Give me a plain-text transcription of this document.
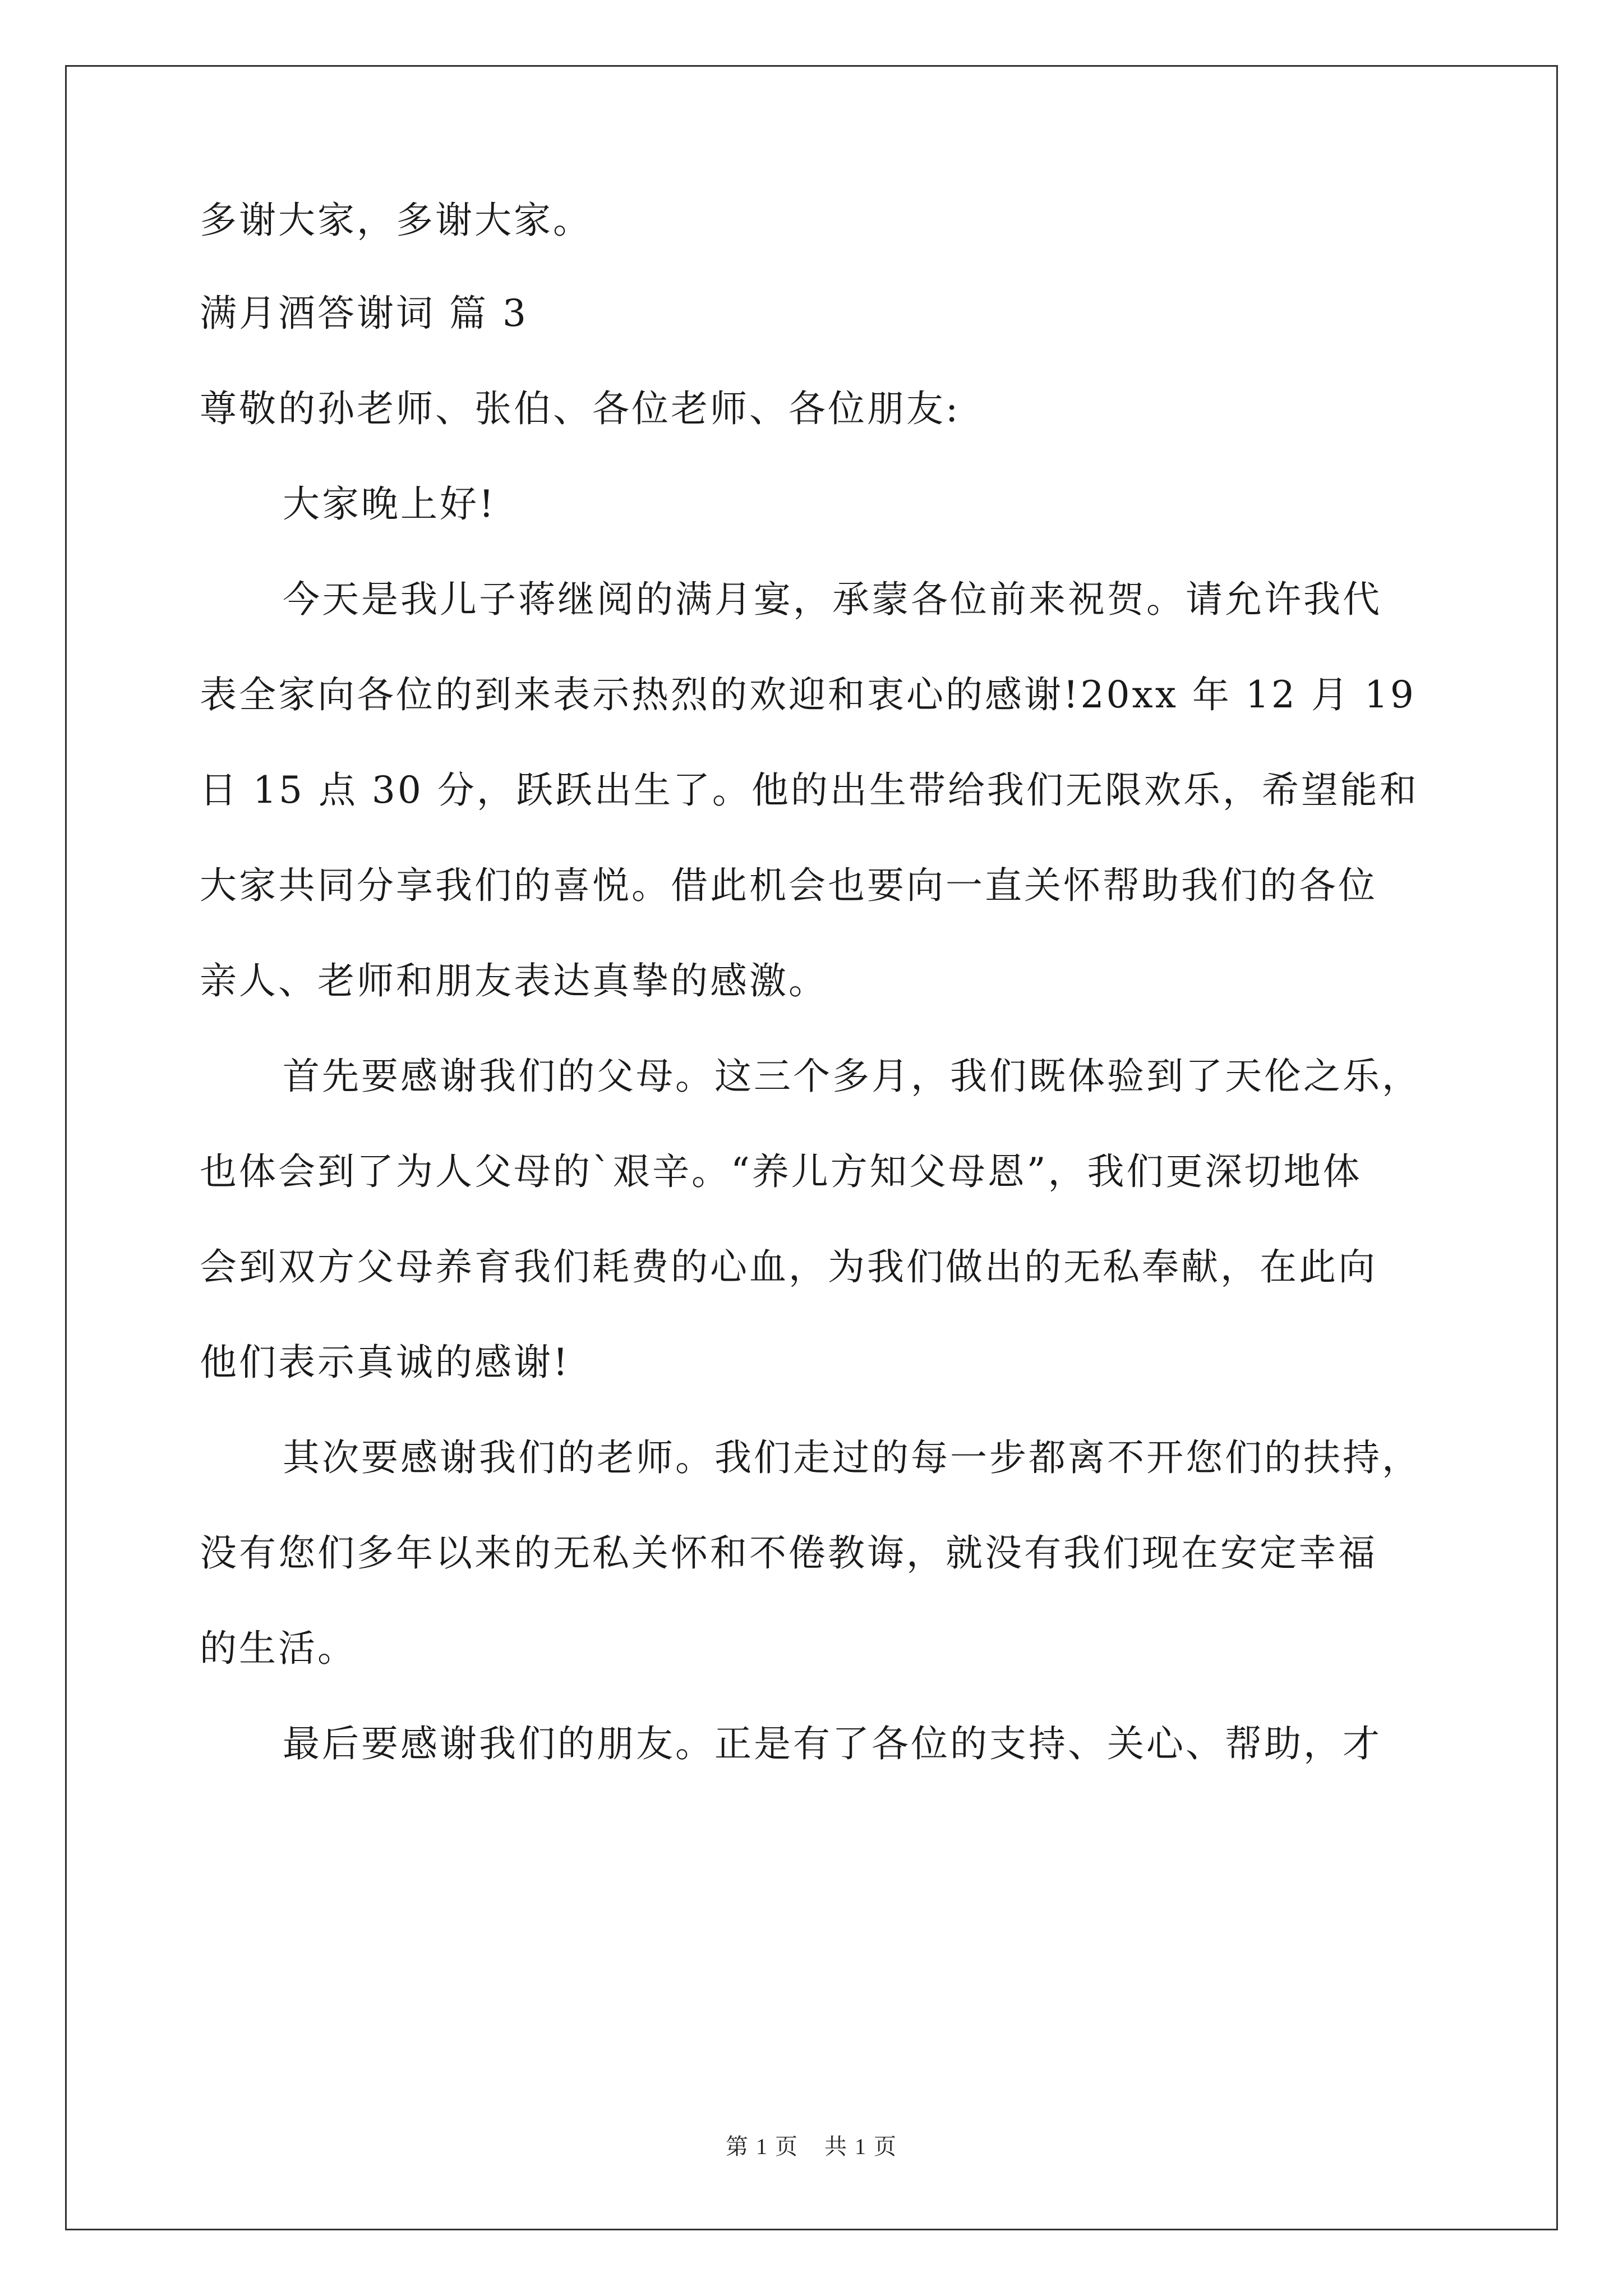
多谢大家，多谢大家。
满月酒答谢词 篇 3
尊敬的孙老师、张伯、各位老师、各位朋友:
大家晚上好!
今天是我儿子蒋继阅的满月宴，承蒙各位前来祝贺。请允许我代
表全家向各位的到来表示热烈的欢迎和衷心的感谢!20xx 年 12 月 19
日 15 点 30 分，跃跃出生了。他的出生带给我们无限欢乐，希望能和
大家共同分享我们的喜悦。借此机会也要向一直关怀帮助我们的各位
亲人、老师和朋友表达真挚的感激。
首先要感谢我们的父母。这三个多月，我们既体验到了天伦之乐，
也体会到了为人父母的`艰辛。“养儿方知父母恩”，我们更深切地体
会到双方父母养育我们耗费的心血，为我们做出的无私奉献，在此向
他们表示真诚的感谢!
其次要感谢我们的老师。我们走过的每一步都离不开您们的扶持，
没有您们多年以来的无私关怀和不倦教诲，就没有我们现在安定幸福
的生活。
最后要感谢我们的朋友。正是有了各位的支持、关心、帮助，才
第 1 页 共 1 页
